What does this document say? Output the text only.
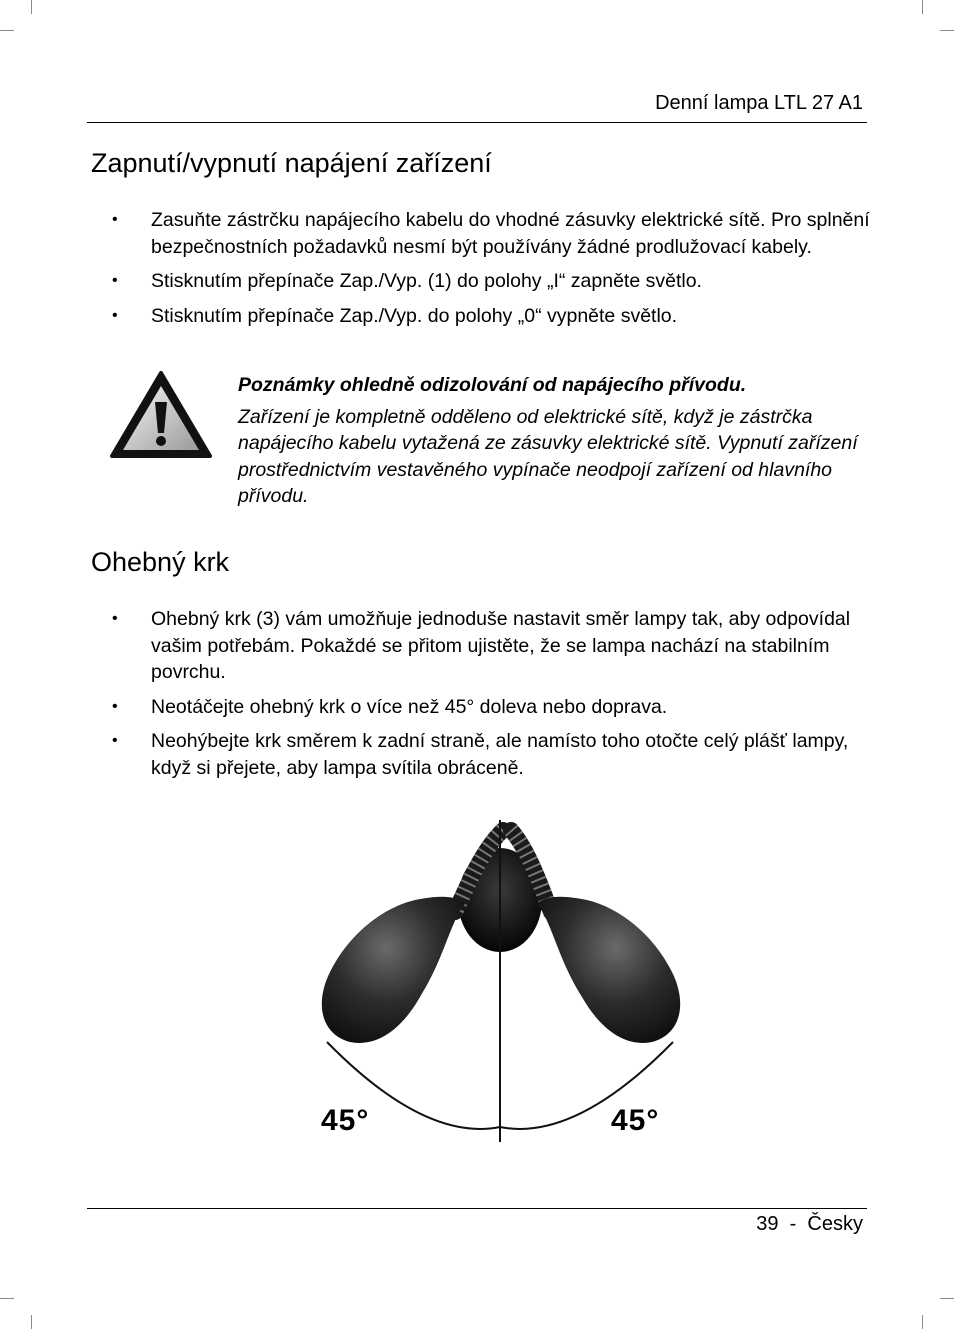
Denní lampa LTL 27 A1
Zapnutí/vypnutí napájení zařízení
• Zasuňte zástrčku napájecího kabelu do vhodné zásuvky elektrické sítě. Pro splnění bezpečnostních požadavků nesmí být používány žádné prodlužovací kabely.
• Stisknutím přepínače Zap./Vyp. (1) do polohy „I“ zapněte světlo.
• Stisknutím přepínače Zap./Vyp. do polohy „0“ vypněte světlo.
Poznámky ohledně odizolování od napájecího přívodu.
Zařízení je kompletně odděleno od elektrické sítě, když je zástrčka napájecího kabelu vytažená ze zásuvky elektrické sítě. Vypnutí zařízení prostřednictvím vestavěného vypínače neodpojí zařízení od hlavního přívodu.
Ohebný krk
• Ohebný krk (3) vám umožňuje jednoduše nastavit směr lampy tak, aby odpovídal vašim potřebám. Pokaždé se přitom ujistěte, že se lampa nachází na stabilním povrchu.
• Neotáčejte ohebný krk o více než 45° doleva nebo doprava.
• Neohýbejte krk směrem k zadní straně, ale namísto toho otočte celý plášť lampy, když si přejete, aby lampa svítila obráceně.
45°	45°
39  -  Česky
